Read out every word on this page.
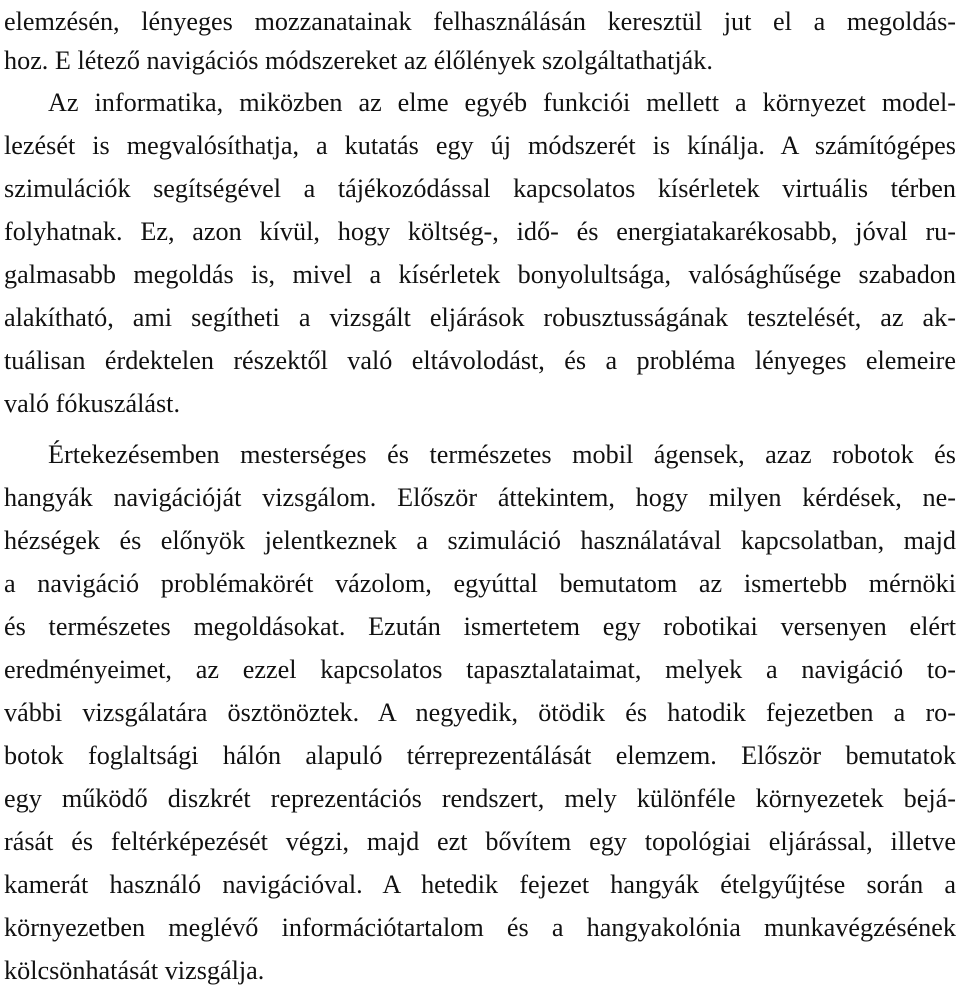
elemzésén, lényeges mozzanatainak felhasználásán keresztül jut el a megoldás-
hoz. E létező navigációs módszereket az élőlények szolgáltathatják.
Az informatika, miközben az elme egyéb funkciói mellett a környezet model-
lezését is megvalósíthatja, a kutatás egy új módszerét is kínálja. A számítógépes
szimulációk segítségével a tájékozódással kapcsolatos kísérletek virtuális térben
folyhatnak. Ez, azon kívül, hogy költség-, idő- és energiatakarékosabb, jóval ru-
galmasabb megoldás is, mivel a kísérletek bonyolultsága, valósághűsége szabadon
alakítható, ami segítheti a vizsgált eljárások robusztusságának tesztelését, az ak-
tuálisan érdektelen részektől való eltávolodást, és a probléma lényeges elemeire
való fókuszálást.
Értekezésemben mesterséges és természetes mobil ágensek, azaz robotok és
hangyák navigációját vizsgálom. Először áttekintem, hogy milyen kérdések, ne-
hézségek és előnyök jelentkeznek a szimuláció használatával kapcsolatban, majd
a navigáció problémakörét vázolom, egyúttal bemutatom az ismertebb mérnöki
és természetes megoldásokat. Ezután ismertetem egy robotikai versenyen elért
eredményeimet, az ezzel kapcsolatos tapasztalataimat, melyek a navigáció to-
vábbi vizsgálatára ösztönöztek. A negyedik, ötödik és hatodik fejezetben a ro-
botok foglaltsági hálón alapuló térreprezentálását elemzem. Először bemutatok
egy működő diszkrét reprezentációs rendszert, mely különféle környezetek bejá-
rását és feltérképezését végzi, majd ezt bővítem egy topológiai eljárással, illetve
kamerát használó navigációval. A hetedik fejezet hangyák ételgyűjtése során a
környezetben meglévő információtartalom és a hangyakolónia munkavégzésének
kölcsönhatását vizsgálja.
